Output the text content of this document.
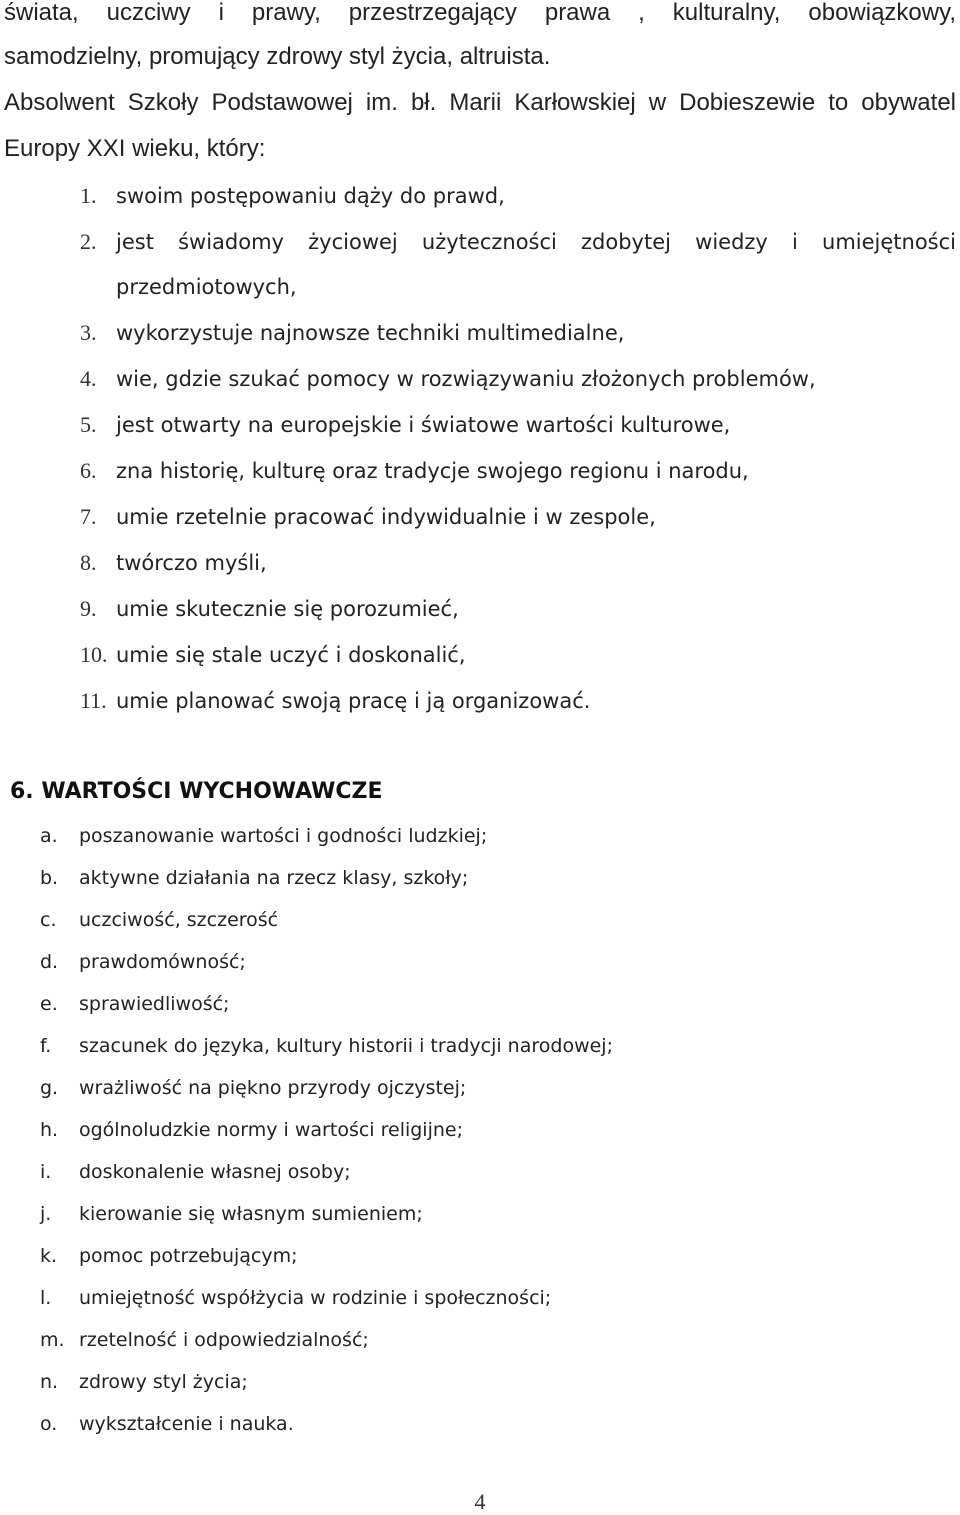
świata, uczciwy i prawy, przestrzegający prawa , kulturalny, obowiązkowy,
samodzielny, promujący zdrowy styl życia, altruista.
Absolwent Szkoły Podstawowej im. bł. Marii Karłowskiej w Dobieszewie to obywatel
Europy XXI wieku, który:
1. swoim postępowaniu dąży do prawd,
2. jest świadomy życiowej użyteczności zdobytej wiedzy i umiejętności
przedmiotowych,
3. wykorzystuje najnowsze techniki multimedialne,
4. wie, gdzie szukać pomocy w rozwiązywaniu złożonych problemów,
5. jest otwarty na europejskie i światowe wartości kulturowe,
6. zna historię, kulturę oraz tradycje swojego regionu i narodu,
7. umie rzetelnie pracować indywidualnie i w zespole,
8. twórczo myśli,
9. umie skutecznie się porozumieć,
10. umie się stale uczyć i doskonalić,
11. umie planować swoją pracę i ją organizować.
6. WARTOŚCI WYCHOWAWCZE
a. poszanowanie wartości i godności ludzkiej;
b. aktywne działania na rzecz klasy, szkoły;
c. uczciwość, szczerość
d. prawdomówność;
e. sprawiedliwość;
f. szacunek do języka, kultury historii i tradycji narodowej;
g. wrażliwość na piękno przyrody ojczystej;
h. ogólnoludzkie normy i wartości religijne;
i. doskonalenie własnej osoby;
j. kierowanie się własnym sumieniem;
k. pomoc potrzebującym;
l. umiejętność współżycia w rodzinie i społeczności;
m. rzetelność i odpowiedzialność;
n. zdrowy styl życia;
o. wykształcenie i nauka.
4
